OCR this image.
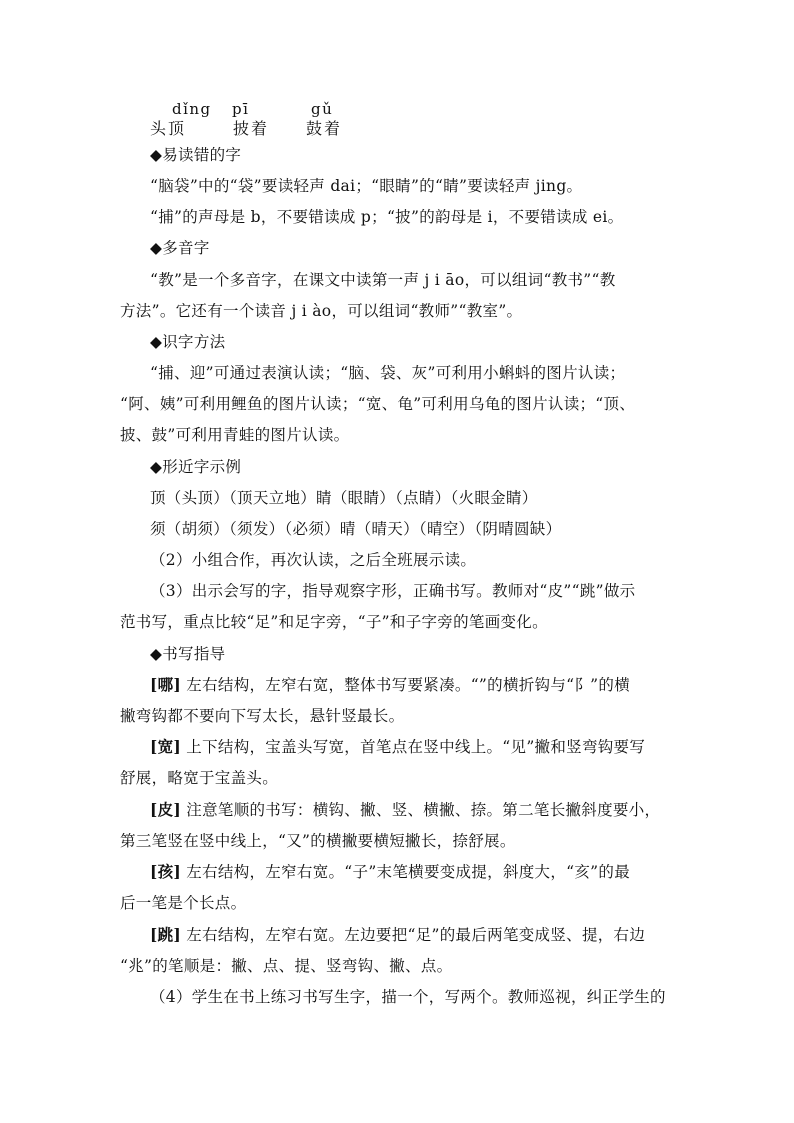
dǐng pī	gǔ
头顶	披着 鼓着
◆易读错的字
“脑袋”中的“袋”要读轻声 dai；“眼睛”的“睛”要读轻声 jing。
“捕”的声母是 b，不要错读成 p；“披”的韵母是 i，不要错读成 ei。
◆多音字
“教”是一个多音字，在课文中读第一声 j i āo，可以组词“教书”“教
方法”。它还有一个读音 j i ào，可以组词“教师”“教室”。
◆识字方法
“捕、迎”可通过表演认读；“脑、袋、灰”可利用小蝌蚪的图片认读；
“阿、姨”可利用鲤鱼的图片认读；“宽、龟”可利用乌龟的图片认读；“顶、
披、鼓”可利用青蛙的图片认读。
◆形近字示例
顶（头顶）（顶天立地）睛（眼睛）（点睛）（火眼金睛）
须（胡须）（须发）（必须）晴（晴天）（晴空）（阴晴圆缺）
（2）小组合作，再次认读，之后全班展示读。
（3）出示会写的字，指导观察字形，正确书写。教师对“皮”“跳”做示
范书写，重点比较“足”和足字旁，“子”和子字旁的笔画变化。
◆书写指导
[哪] 左右结构，左窄右宽，整体书写要紧凑。“”的横折钩与“阝”的横
撇弯钩都不要向下写太长，悬针竖最长。
[宽] 上下结构，宝盖头写宽，首笔点在竖中线上。“见”撇和竖弯钩要写
舒展，略宽于宝盖头。
[皮] 注意笔顺的书写：横钩、撇、竖、横撇、捺。第二笔长撇斜度要小，
第三笔竖在竖中线上，“又”的横撇要横短撇长，捺舒展。
[孩] 左右结构，左窄右宽。“子”末笔横要变成提，斜度大，“亥”的最
后一笔是个长点。
[跳] 左右结构，左窄右宽。左边要把“足”的最后两笔变成竖、提，右边
“兆”的笔顺是：撇、点、提、竖弯钩、撇、点。
（4）学生在书上练习书写生字，描一个，写两个。教师巡视，纠正学生的
